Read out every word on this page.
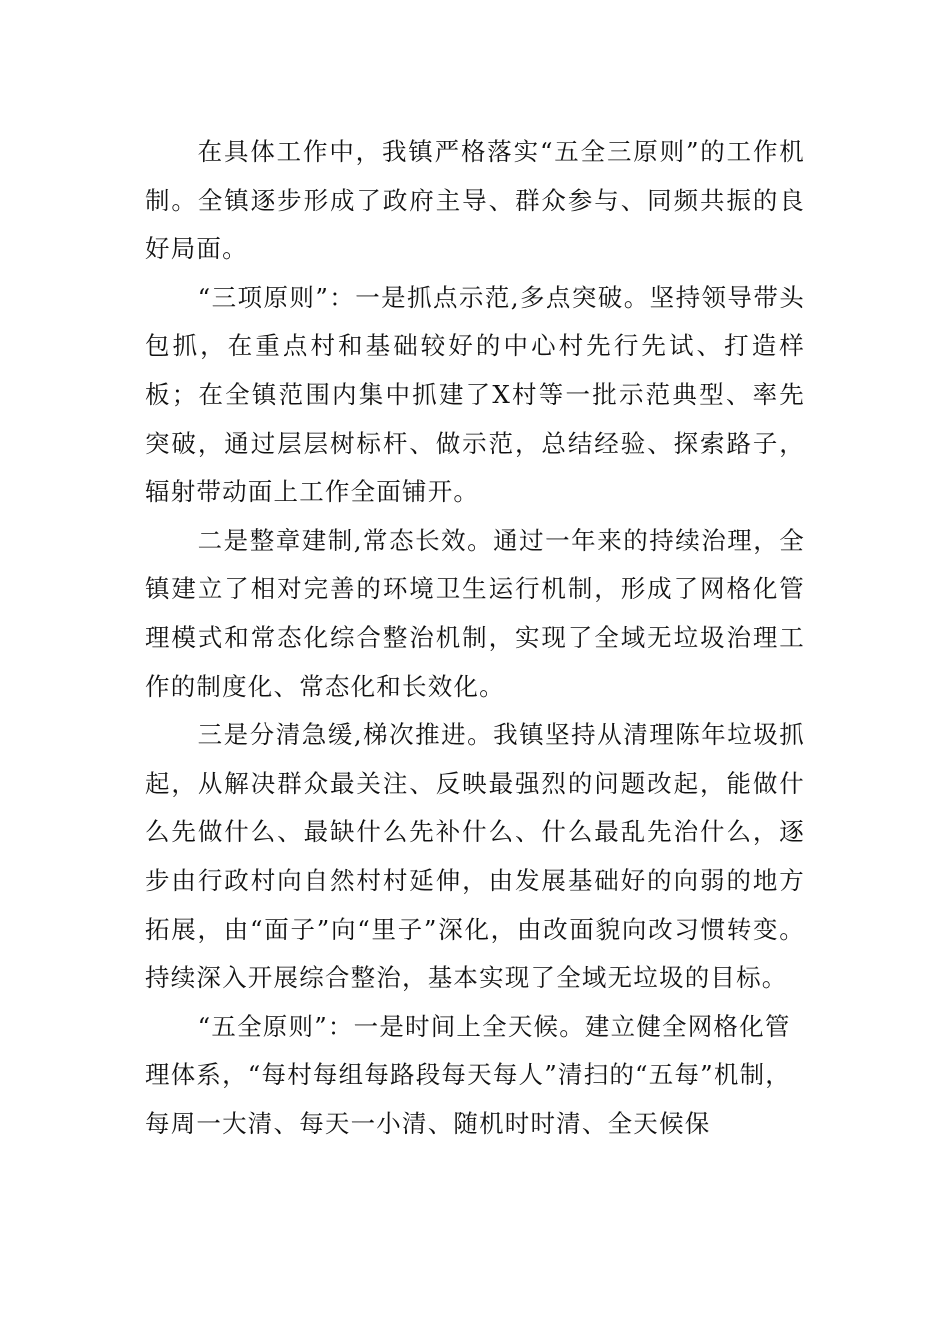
在具体工作中，我镇严格落实“五全三原则”的工作机制。全镇逐步形成了政府主导、群众参与、同频共振的良好局面。

“三项原则”：一是抓点示范,多点突破。坚持领导带头包抓，在重点村和基础较好的中心村先行先试、打造样板；在全镇范围内集中抓建了X村等一批示范典型、率先突破，通过层层树标杆、做示范，总结经验、探索路子，辐射带动面上工作全面铺开。

二是整章建制,常态长效。通过一年来的持续治理，全镇建立了相对完善的环境卫生运行机制，形成了网格化管理模式和常态化综合整治机制，实现了全域无垃圾治理工作的制度化、常态化和长效化。

三是分清急缓,梯次推进。我镇坚持从清理陈年垃圾抓起，从解决群众最关注、反映最强烈的问题改起，能做什么先做什么、最缺什么先补什么、什么最乱先治什么，逐步由行政村向自然村村延伸，由发展基础好的向弱的地方拓展，由“面子”向“里子”深化，由改面貌向改习惯转变。持续深入开展综合整治，基本实现了全域无垃圾的目标。

“五全原则”：一是时间上全天候。建立健全网格化管理体系，“每村每组每路段每天每人”清扫的“五每”机制，每周一大清、每天一小清、随机时时清、全天候保
